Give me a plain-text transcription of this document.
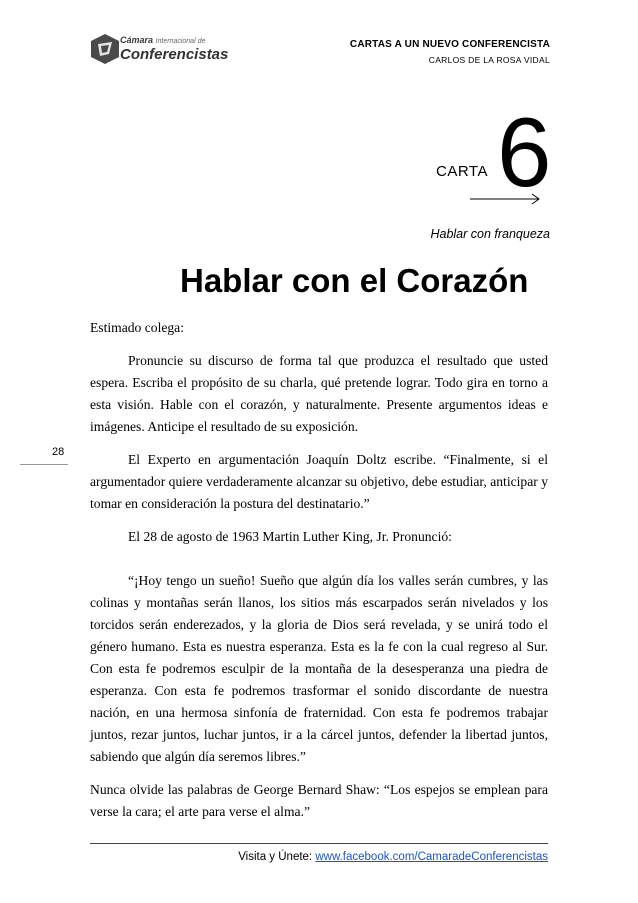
Cámara Internacional de
Conferencistas
CARTAS A UN NUEVO CONFERENCISTA
CARLOS DE LA ROSA VIDAL
CARTA 6
Hablar con franqueza
Hablar con el Corazón

Estimado colega:

Pronuncie su discurso de forma tal que produzca el resultado que usted espera. Escriba el propósito de su charla, qué pretende lograr. Todo gira en torno a esta visión. Hable con el corazón, y naturalmente. Presente argumentos ideas e imágenes. Anticipe el resultado de su exposición.

El Experto en argumentación Joaquín Doltz escribe. “Finalmente, si el argumentador quiere verdaderamente alcanzar su objetivo, debe estudiar, anticipar y tomar en consideración la postura del destinatario.”

El 28 de agosto de 1963 Martin Luther King, Jr. Pronunció:

“¡Hoy tengo un sueño! Sueño que algún día los valles serán cumbres, y las colinas y montañas serán llanos, los sitios más escarpados serán nivelados y los torcidos serán enderezados, y la gloria de Dios será revelada, y se unirá todo el género humano. Esta es nuestra esperanza. Esta es la fe con la cual regreso al Sur. Con esta fe podremos esculpir de la montaña de la desesperanza una piedra de esperanza. Con esta fe podremos trasformar el sonido discordante de nuestra nación, en una hermosa sinfonía de fraternidad. Con esta fe podremos trabajar juntos, rezar juntos, luchar juntos, ir a la cárcel juntos, defender la libertad juntos, sabiendo que algún día seremos libres.”

Nunca olvide las palabras de George Bernard Shaw: “Los espejos se emplean para verse la cara; el arte para verse el alma.”

28
Visita y Únete: www.facebook.com/CamaradeConferencistas
